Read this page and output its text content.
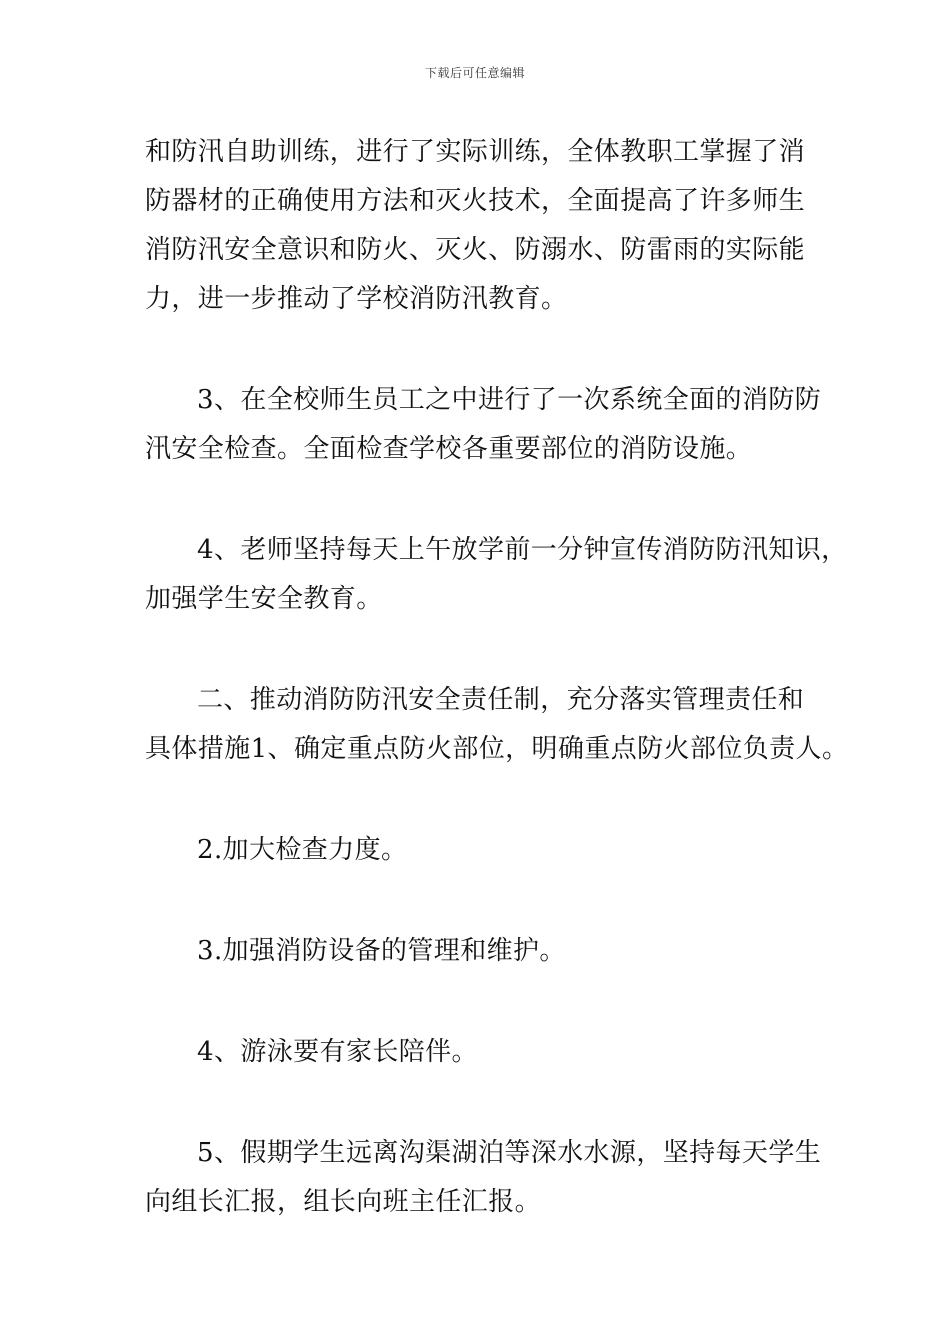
下载后可任意编辑
和防汛自助训练，进行了实际训练，全体教职工掌握了消
防器材的正确使用方法和灭火技术，全面提高了许多师生
消防汛安全意识和防火、灭火、防溺水、防雷雨的实际能
力，进一步推动了学校消防汛教育。
3、在全校师生员工之中进行了一次系统全面的消防防
汛安全检查。全面检查学校各重要部位的消防设施。
4、老师坚持每天上午放学前一分钟宣传消防防汛知识，
加强学生安全教育。
二、推动消防防汛安全责任制，充分落实管理责任和
具体措施1、确定重点防火部位，明确重点防火部位负责人。
2.加大检查力度。
3.加强消防设备的管理和维护。
4、游泳要有家长陪伴。
5、假期学生远离沟渠湖泊等深水水源，坚持每天学生
向组长汇报，组长向班主任汇报。
